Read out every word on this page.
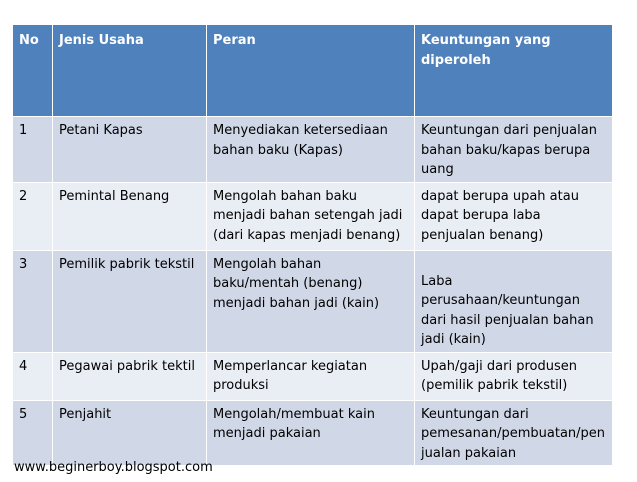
No	Jenis Usaha	Peran	Keuntungan yang diperoleh
1	Petani Kapas	Menyediakan ketersediaan bahan baku (Kapas)	Keuntungan dari penjualan bahan baku/kapas berupa uang
2	Pemintal Benang	Mengolah bahan baku menjadi bahan setengah jadi (dari kapas menjadi benang)	dapat berupa upah atau dapat berupa laba penjualan benang)
3	Pemilik pabrik tekstil	Mengolah bahan baku/mentah (benang) menjadi bahan jadi (kain)	Laba perusahaan/keuntungan dari hasil penjualan bahan jadi (kain)
4	Pegawai pabrik tektil	Memperlancar kegiatan produksi	Upah/gaji dari produsen (pemilik pabrik tekstil)
5	Penjahit	Mengolah/membuat kain menjadi pakaian	Keuntungan dari pemesanan/pembuatan/penjualan pakaian
www.beginerboy.blogspot.com
